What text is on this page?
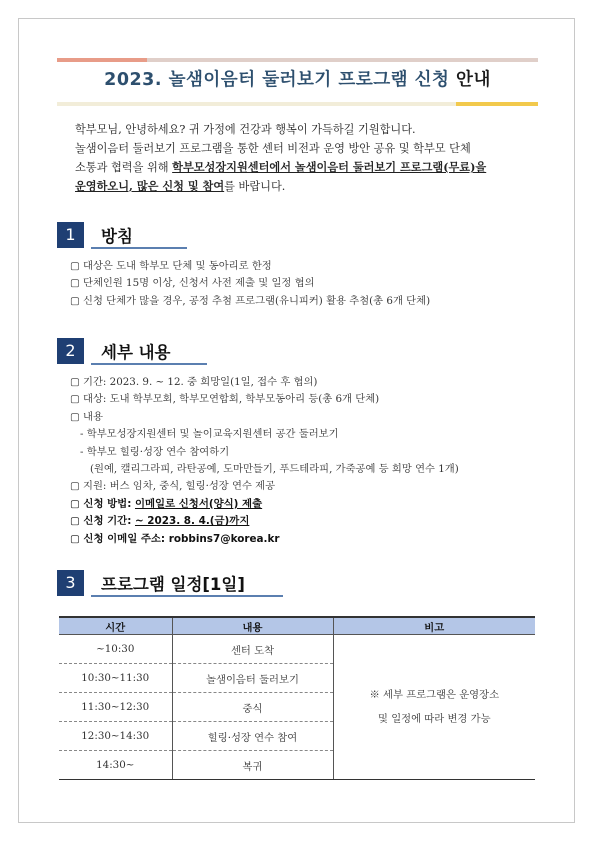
2023. 놀샘이음터 둘러보기 프로그램 신청 안내
학부모님, 안녕하세요? 귀 가정에 건강과 행복이 가득하길 기원합니다.
놀샘이음터 둘러보기 프로그램을 통한 센터 비전과 운영 방안 공유 및 학부모 단체
소통과 협력을 위해 학부모성장지원센터에서 놀샘이음터 둘러보기 프로그램(무료)을
운영하오니, 많은 신청 및 참여를 바랍니다.
1	방침
▢ 대상은 도내 학부모 단체 및 동아리로 한정
▢ 단체인원 15명 이상, 신청서 사전 제출 및 일정 협의
▢ 신청 단체가 많을 경우, 공정 추첨 프로그램(유니피커) 활용 추첨(총 6개 단체)
2	세부 내용
▢ 기간: 2023. 9. ~ 12. 중 희망일(1일, 접수 후 협의)
▢ 대상: 도내 학부모회, 학부모연합회, 학부모동아리 등(총 6개 단체)
▢ 내용
- 학부모성장지원센터 및 놀이교육지원센터 공간 둘러보기
- 학부모 힐링·성장 연수 참여하기
(원예, 캘리그라피, 라탄공예, 도마만들기, 푸드테라피, 가죽공예 등 희망 연수 1개)
▢ 지원: 버스 임차, 중식, 힐링·성장 연수 제공
▢ 신청 방법: 이메일로 신청서(양식) 제출
▢ 신청 기간: ~ 2023. 8. 4.(금)까지
▢ 신청 이메일 주소: robbins7@korea.kr
3	프로그램 일정[1일]
시간	내용	비고
~10:30	센터 도착	※ 세부 프로그램은 운영장소
및 일정에 따라 변경 가능

10:30~11:30	놀샘이음터 둘러보기	
11:30~12:30	중식	
12:30~14:30	힐링·성장 연수 참여	
14:30~	복귀	
